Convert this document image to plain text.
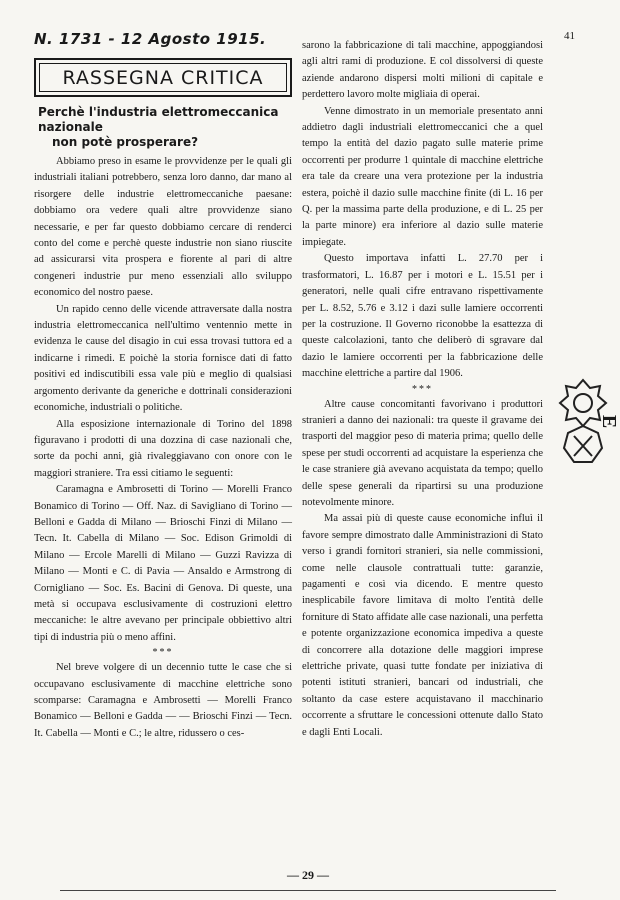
N. 1731 - 12 Agosto 1915.	41
RASSEGNA CRITICA
Perchè l'industria elettromeccanica nazionale
non potè prosperare?

Abbiamo preso in esame le provvidenze per le quali gli industriali italiani potrebbero, senza loro danno, dar mano al risorgere delle industrie elettromeccaniche paesane: dobbiamo ora vedere quali altre provvidenze siano necessarie, e per far questo dobbiamo cercare di renderci conto del come e perchè queste industrie non siano riuscite ad assicurarsi vita prospera e fiorente al pari di altre congeneri industrie pur meno essenziali allo sviluppo economico del nostro paese.

Un rapido cenno delle vicende attraversate dalla nostra industria elettromeccanica nell'ultimo ventennio mette in evidenza le cause del disagio in cui essa trovasi tuttora ed a indicarne i rimedi. E poichè la storia fornisce dati di fatto positivi ed indiscutibili essa vale più e meglio di qualsiasi argomento derivante da generiche e dottrinali considerazioni economiche, industriali o politiche.

Alla esposizione internazionale di Torino del 1898 figuravano i prodotti di una dozzina di case nazionali che, sorte da pochi anni, già rivaleggiavano con onore con le maggiori straniere. Tra essi citiamo le seguenti:

Caramagna e Ambrosetti di Torino — Morelli Franco Bonamico di Torino — Off. Naz. di Savigliano di Torino — Belloni e Gadda di Milano — Brioschi Finzi di Milano — Tecn. It. Cabella di Milano — Soc. Edison Grimoldi di Milano — Ercole Marelli di Milano — Guzzi Ravizza di Milano — Monti e C. di Pavia — Ansaldo e Armstrong di Cornigliano — Soc. Es. Bacini di Genova. Di queste, una metà si occupava esclusivamente di costruzioni elettro meccaniche: le altre avevano per principale obbiettivo altri tipi di industria più o meno affini.

***

Nel breve volgere di un decennio tutte le case che si occupavano esclusivamente di macchine elettriche sono scomparse: Caramagna e Ambrosetti — Morelli Franco Bonamico — Belloni e Gadda — — Brioschi Finzi — Tecn. It. Cabella — Monti e C.; le altre, ridussero o ces-

sarono la fabbricazione di tali macchine, appoggiandosi agli altri rami di produzione. E col dissolversi di queste aziende andarono dispersi molti milioni di capitale e perdettero lavoro molte migliaia di operai.

Venne dimostrato in un memoriale presentato anni addietro dagli industriali elettromeccanici che a quel tempo la entità del dazio pagato sulle materie prime occorrenti per produrre 1 quintale di macchine elettriche era tale da creare una vera protezione per la industria estera, poichè il dazio sulle macchine finite (di L. 16 per Q. per la massima parte della produzione, e di L. 25 per la parte minore) era inferiore al dazio sulle materie impiegate.

Questo importava infatti L. 27.70 per i trasformatori, L. 16.87 per i motori e L. 15.51 per i generatori, nelle quali cifre entravano rispettivamente per L. 8.52, 5.76 e 3.12 i dazi sulle lamiere occorrenti per la costruzione. Il Governo riconobbe la esattezza di queste calcolazioni, tanto che deliberò di sgravare dal dazio le lamiere occorrenti per la fabbricazione delle macchine elettriche a partire dal 1906.

***

Altre cause concomitanti favorivano i produttori stranieri a danno dei nazionali: tra queste il gravame dei trasporti del maggior peso di materia prima; quello delle spese per studi occorrenti ad acquistare la esperienza che le case straniere già avevano acquistata da tempo; quello delle spese generali da ripartirsi su una produzione notevolmente minore.

Ma assai più di queste cause economiche influì il favore sempre dimostrato dalle Amministrazioni di Stato verso i grandi fornitori stranieri, sia nelle commissioni, come nelle clausole contrattuali tutte: garanzie, pagamenti e così via dicendo. E mentre questo inesplicabile favore limitava di molto l'entità delle forniture di Stato affidate alle case nazionali, una perfetta e potente organizzazione economica impediva a queste di concorrere alla dotazione delle maggiori imprese elettriche private, quasi tutte fondate per iniziativa di potenti istituti stranieri, bancari od industriali, che soltanto da case estere acquistavano il macchinario occorrente a sfruttare le concessioni ottenute dallo Stato e dagli Enti Locali.

E
— 29 —
